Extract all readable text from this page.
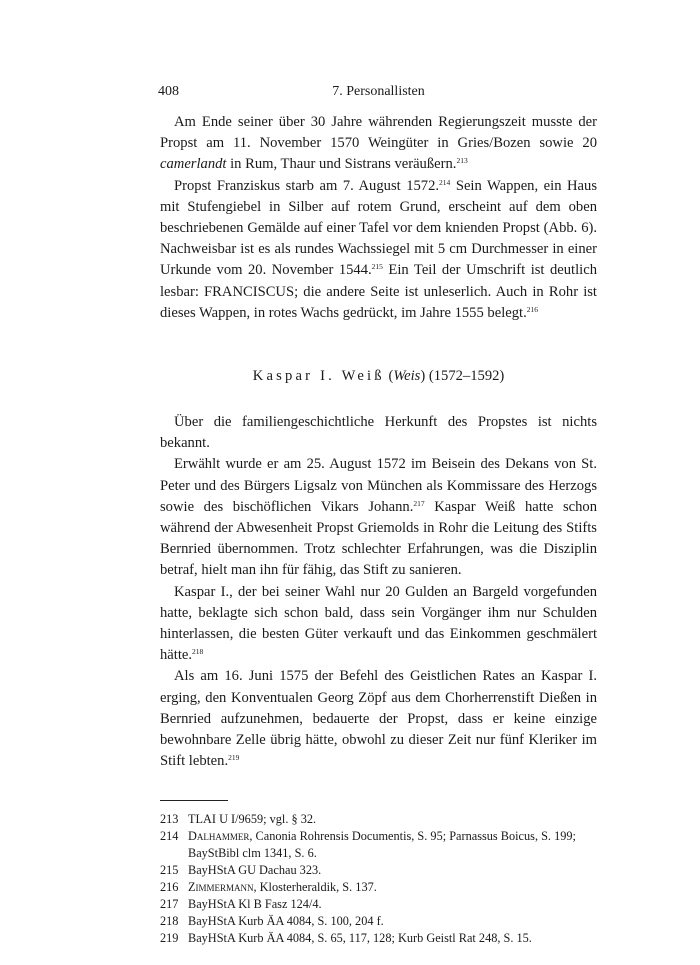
408	7. Personallisten

Am Ende seiner über 30 Jahre währenden Regierungszeit musste der Propst am 11. November 1570 Weingüter in Gries/Bozen sowie 20 camerlandt in Rum, Thaur und Sistrans veräußern.$^{213}$

Propst Franziskus starb am 7. August 1572.$^{214}$ Sein Wappen, ein Haus mit Stufengiebel in Silber auf rotem Grund, erscheint auf dem oben beschriebenen Gemälde auf einer Tafel vor dem knienden Propst (Abb. 6). Nachweisbar ist es als rundes Wachssiegel mit 5 cm Durchmesser in einer Urkunde vom 20. November 1544.$^{215}$ Ein Teil der Umschrift ist deutlich lesbar: FRANCISCUS; die andere Seite ist unleserlich. Auch in Rohr ist dieses Wappen, in rotes Wachs gedrückt, im Jahre 1555 belegt.$^{216}$

Kaspar I. Weiß (Weis) (1572–1592)

Über die familiengeschichtliche Herkunft des Propstes ist nichts bekannt.

Erwählt wurde er am 25. August 1572 im Beisein des Dekans von St. Peter und des Bürgers Ligsalz von München als Kommissare des Herzogs sowie des bischöflichen Vikars Johann.$^{217}$ Kaspar Weiß hatte schon während der Abwesenheit Propst Griemolds in Rohr die Leitung des Stifts Bernried übernommen. Trotz schlechter Erfahrungen, was die Disziplin betraf, hielt man ihn für fähig, das Stift zu sanieren.

Kaspar I., der bei seiner Wahl nur 20 Gulden an Bargeld vorgefunden hatte, beklagte sich schon bald, dass sein Vorgänger ihm nur Schulden hinterlassen, die besten Güter verkauft und das Einkommen geschmälert hätte.$^{218}$

Als am 16. Juni 1575 der Befehl des Geistlichen Rates an Kaspar I. erging, den Konventualen Georg Zöpf aus dem Chorherrenstift Dießen in Bernried aufzunehmen, bedauerte der Propst, dass er keine einzige bewohnbare Zelle übrig hätte, obwohl zu dieser Zeit nur fünf Kleriker im Stift lebten.$^{219}$

213 TLAI U I/9659; vgl. § 32.
214 Dalhammer, Canonia Rohrensis Documentis, S. 95; Parnassus Boicus, S. 199; BayStBibl clm 1341, S. 6.
215 BayHStA GU Dachau 323.
216 Zimmermann, Klosterheraldik, S. 137.
217 BayHStA Kl B Fasz 124/4.
218 BayHStA Kurb ÄA 4084, S. 100, 204 f.
219 BayHStA Kurb ÄA 4084, S. 65, 117, 128; Kurb Geistl Rat 248, S. 15.
